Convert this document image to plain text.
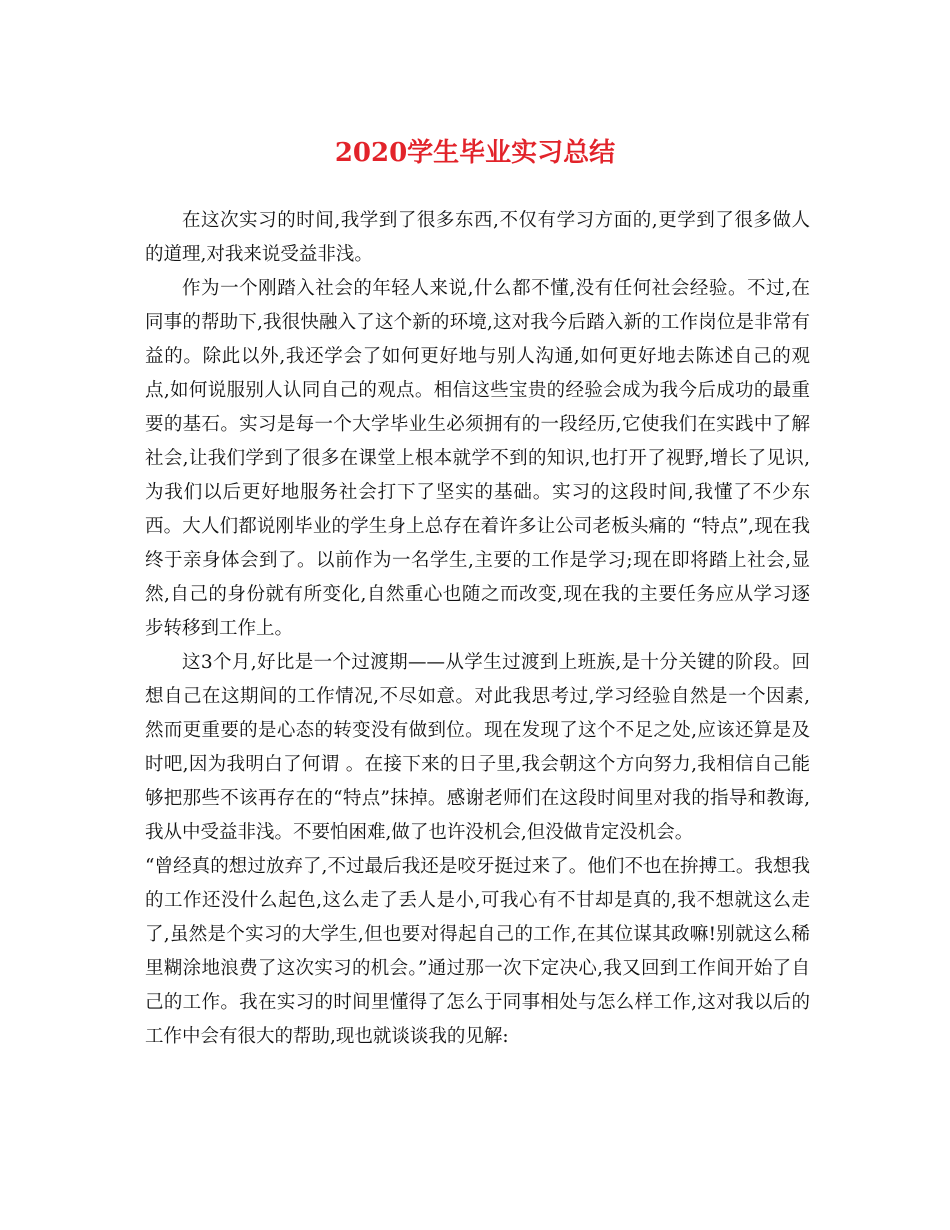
2020学生毕业实习总结

在这次实习的时间,我学到了很多东西,不仅有学习方面的,更学到了很多做人的道理,对我来说受益非浅。

作为一个刚踏入社会的年轻人来说,什么都不懂,没有任何社会经验。不过,在同事的帮助下,我很快融入了这个新的环境,这对我今后踏入新的工作岗位是非常有益的。除此以外,我还学会了如何更好地与别人沟通,如何更好地去陈述自己的观点,如何说服别人认同自己的观点。相信这些宝贵的经验会成为我今后成功的最重要的基石。实习是每一个大学毕业生必须拥有的一段经历,它使我们在实践中了解社会,让我们学到了很多在课堂上根本就学不到的知识,也打开了视野,增长了见识,为我们以后更好地服务社会打下了坚实的基础。实习的这段时间,我懂了不少东西。大人们都说刚毕业的学生身上总存在着许多让公司老板头痛的 “特点”,现在我终于亲身体会到了。以前作为一名学生,主要的工作是学习;现在即将踏上社会,显然,自己的身份就有所变化,自然重心也随之而改变,现在我的主要任务应从学习逐步转移到工作上。

这3个月,好比是一个过渡期——从学生过渡到上班族,是十分关键的阶段。回想自己在这期间的工作情况,不尽如意。对此我思考过,学习经验自然是一个因素,然而更重要的是心态的转变没有做到位。现在发现了这个不足之处,应该还算是及时吧,因为我明白了何谓 。在接下来的日子里,我会朝这个方向努力,我相信自己能够把那些不该再存在的“特点”抹掉。感谢老师们在这段时间里对我的指导和教诲,我从中受益非浅。不要怕困难,做了也许没机会,但没做肯定没机会。

“曾经真的想过放弃了,不过最后我还是咬牙挺过来了。他们不也在拚搏工。我想我的工作还没什么起色,这么走了丢人是小,可我心有不甘却是真的,我不想就这么走了,虽然是个实习的大学生,但也要对得起自己的工作,在其位谋其政嘛!别就这么稀里糊涂地浪费了这次实习的机会。”通过那一次下定决心,我又回到工作间开始了自己的工作。我在实习的时间里懂得了怎么于同事相处与怎么样工作,这对我以后的工作中会有很大的帮助,现也就谈谈我的见解:
